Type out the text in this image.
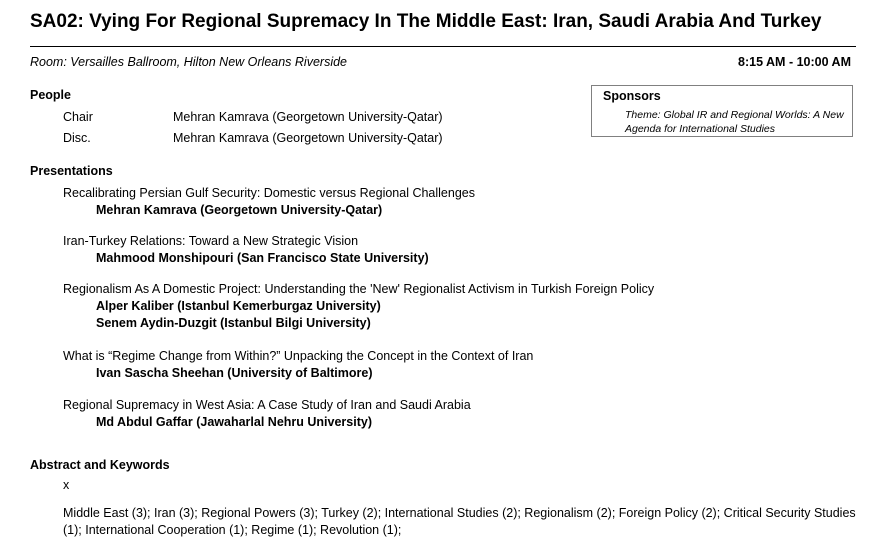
SA02: Vying For Regional Supremacy In The Middle East: Iran, Saudi Arabia And Turkey
Room: Versailles Ballroom, Hilton New Orleans Riverside	8:15 AM - 10:00 AM
People
Chair	Mehran Kamrava (Georgetown University-Qatar)
Disc.	Mehran Kamrava (Georgetown University-Qatar)
Sponsors
Theme: Global IR and Regional Worlds: A New Agenda for International Studies
Presentations
Recalibrating Persian Gulf Security: Domestic versus Regional Challenges
Mehran Kamrava (Georgetown University-Qatar)
Iran-Turkey Relations: Toward a New Strategic Vision
Mahmood Monshipouri (San Francisco State University)
Regionalism As A Domestic Project: Understanding the 'New' Regionalist Activism in Turkish Foreign Policy
Alper Kaliber (Istanbul Kemerburgaz University)
Senem Aydin-Duzgit (Istanbul Bilgi University)
What is “Regime Change from Within?” Unpacking the Concept in the Context of Iran
Ivan Sascha Sheehan (University of Baltimore)
Regional Supremacy in West Asia: A Case Study of Iran and Saudi Arabia
Md Abdul Gaffar (Jawaharlal Nehru University)
Abstract and Keywords
x
Middle East (3); Iran (3); Regional Powers (3); Turkey (2); International Studies (2); Regionalism (2); Foreign Policy (2); Critical Security Studies (1); International Cooperation (1); Regime (1); Revolution (1);
